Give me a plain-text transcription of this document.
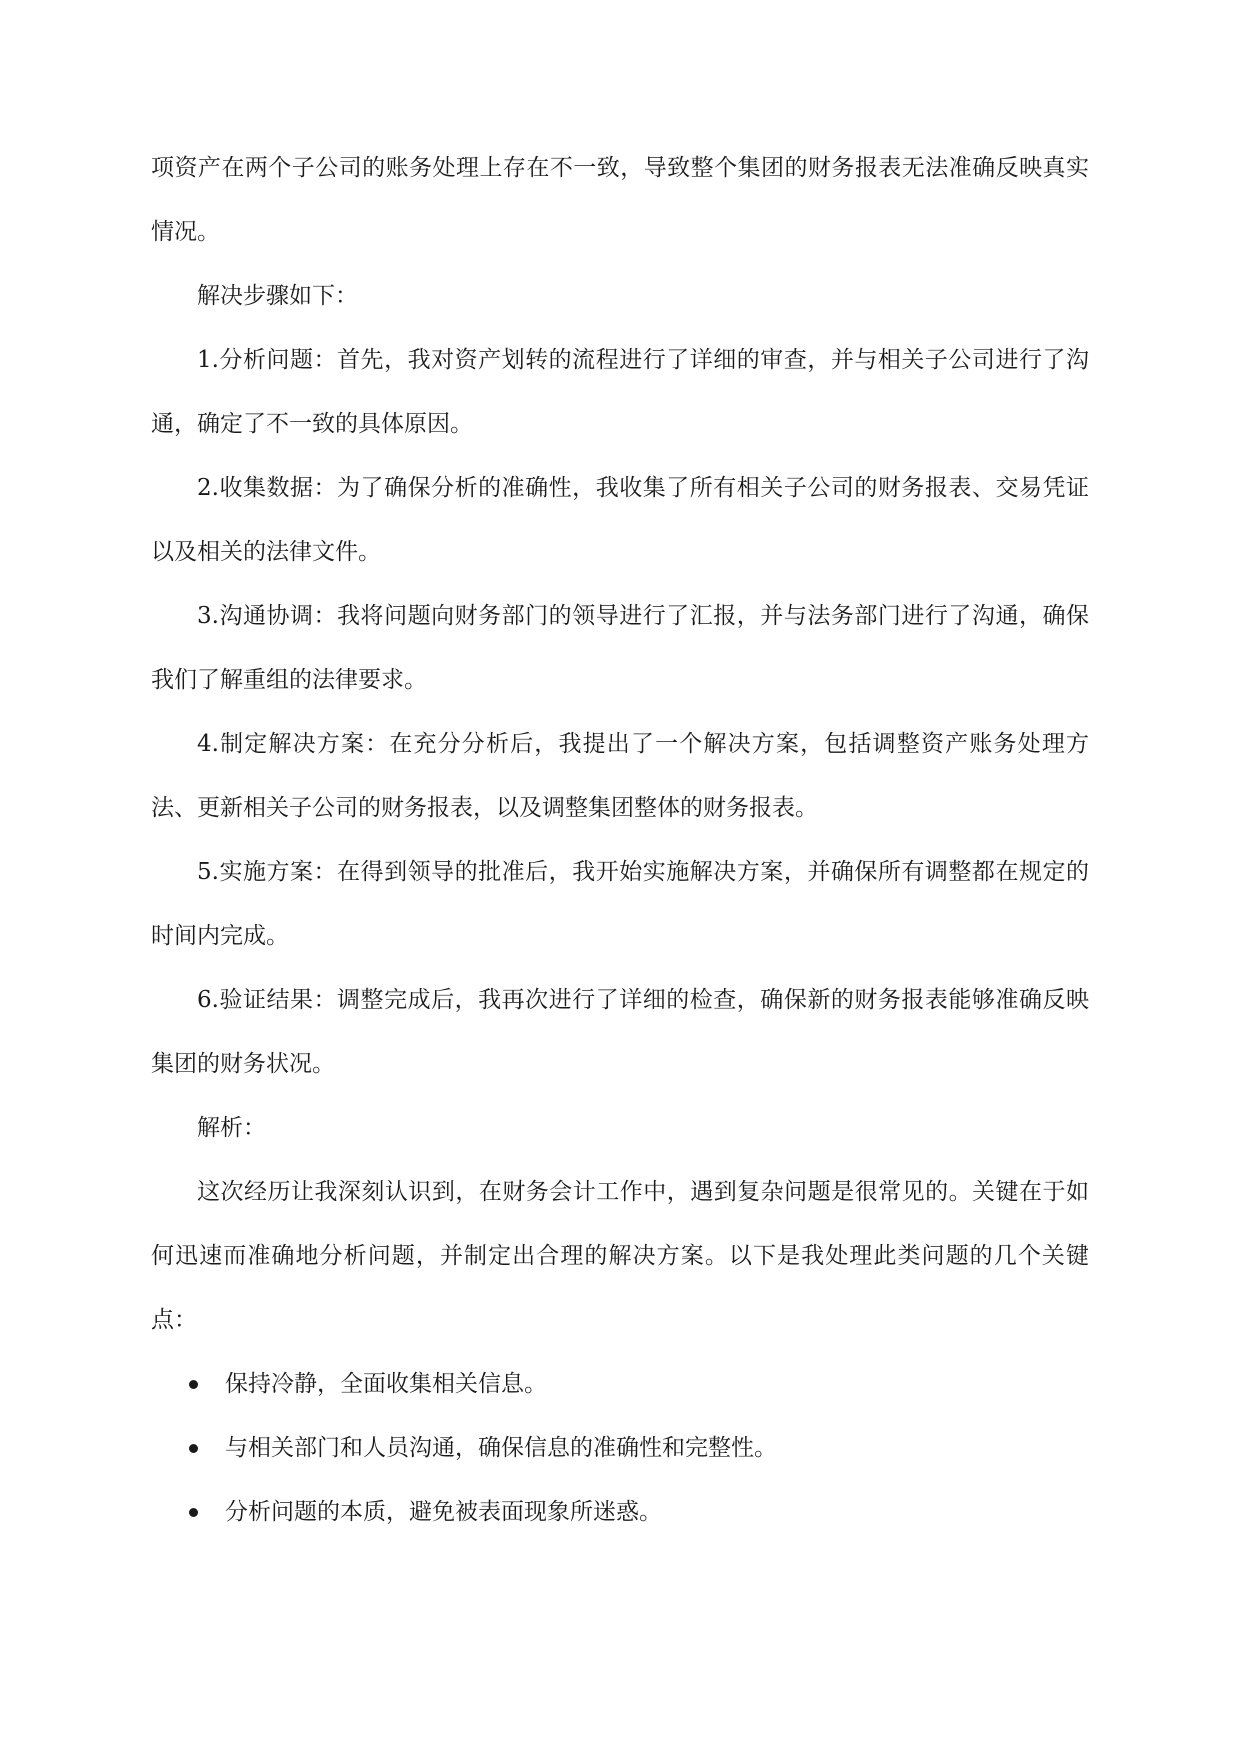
项资产在两个子公司的账务处理上存在不一致，导致整个集团的财务报表无法准确反映真实情况。

解决步骤如下：

1.分析问题：首先，我对资产划转的流程进行了详细的审查，并与相关子公司进行了沟通，确定了不一致的具体原因。

2.收集数据：为了确保分析的准确性，我收集了所有相关子公司的财务报表、交易凭证以及相关的法律文件。

3.沟通协调：我将问题向财务部门的领导进行了汇报，并与法务部门进行了沟通，确保我们了解重组的法律要求。

4.制定解决方案：在充分分析后，我提出了一个解决方案，包括调整资产账务处理方法、更新相关子公司的财务报表，以及调整集团整体的财务报表。

5.实施方案：在得到领导的批准后，我开始实施解决方案，并确保所有调整都在规定的时间内完成。

6.验证结果：调整完成后，我再次进行了详细的检查，确保新的财务报表能够准确反映集团的财务状况。

解析：

这次经历让我深刻认识到，在财务会计工作中，遇到复杂问题是很常见的。关键在于如何迅速而准确地分析问题，并制定出合理的解决方案。以下是我处理此类问题的几个关键点：

保持冷静，全面收集相关信息。
与相关部门和人员沟通，确保信息的准确性和完整性。
分析问题的本质，避免被表面现象所迷惑。
